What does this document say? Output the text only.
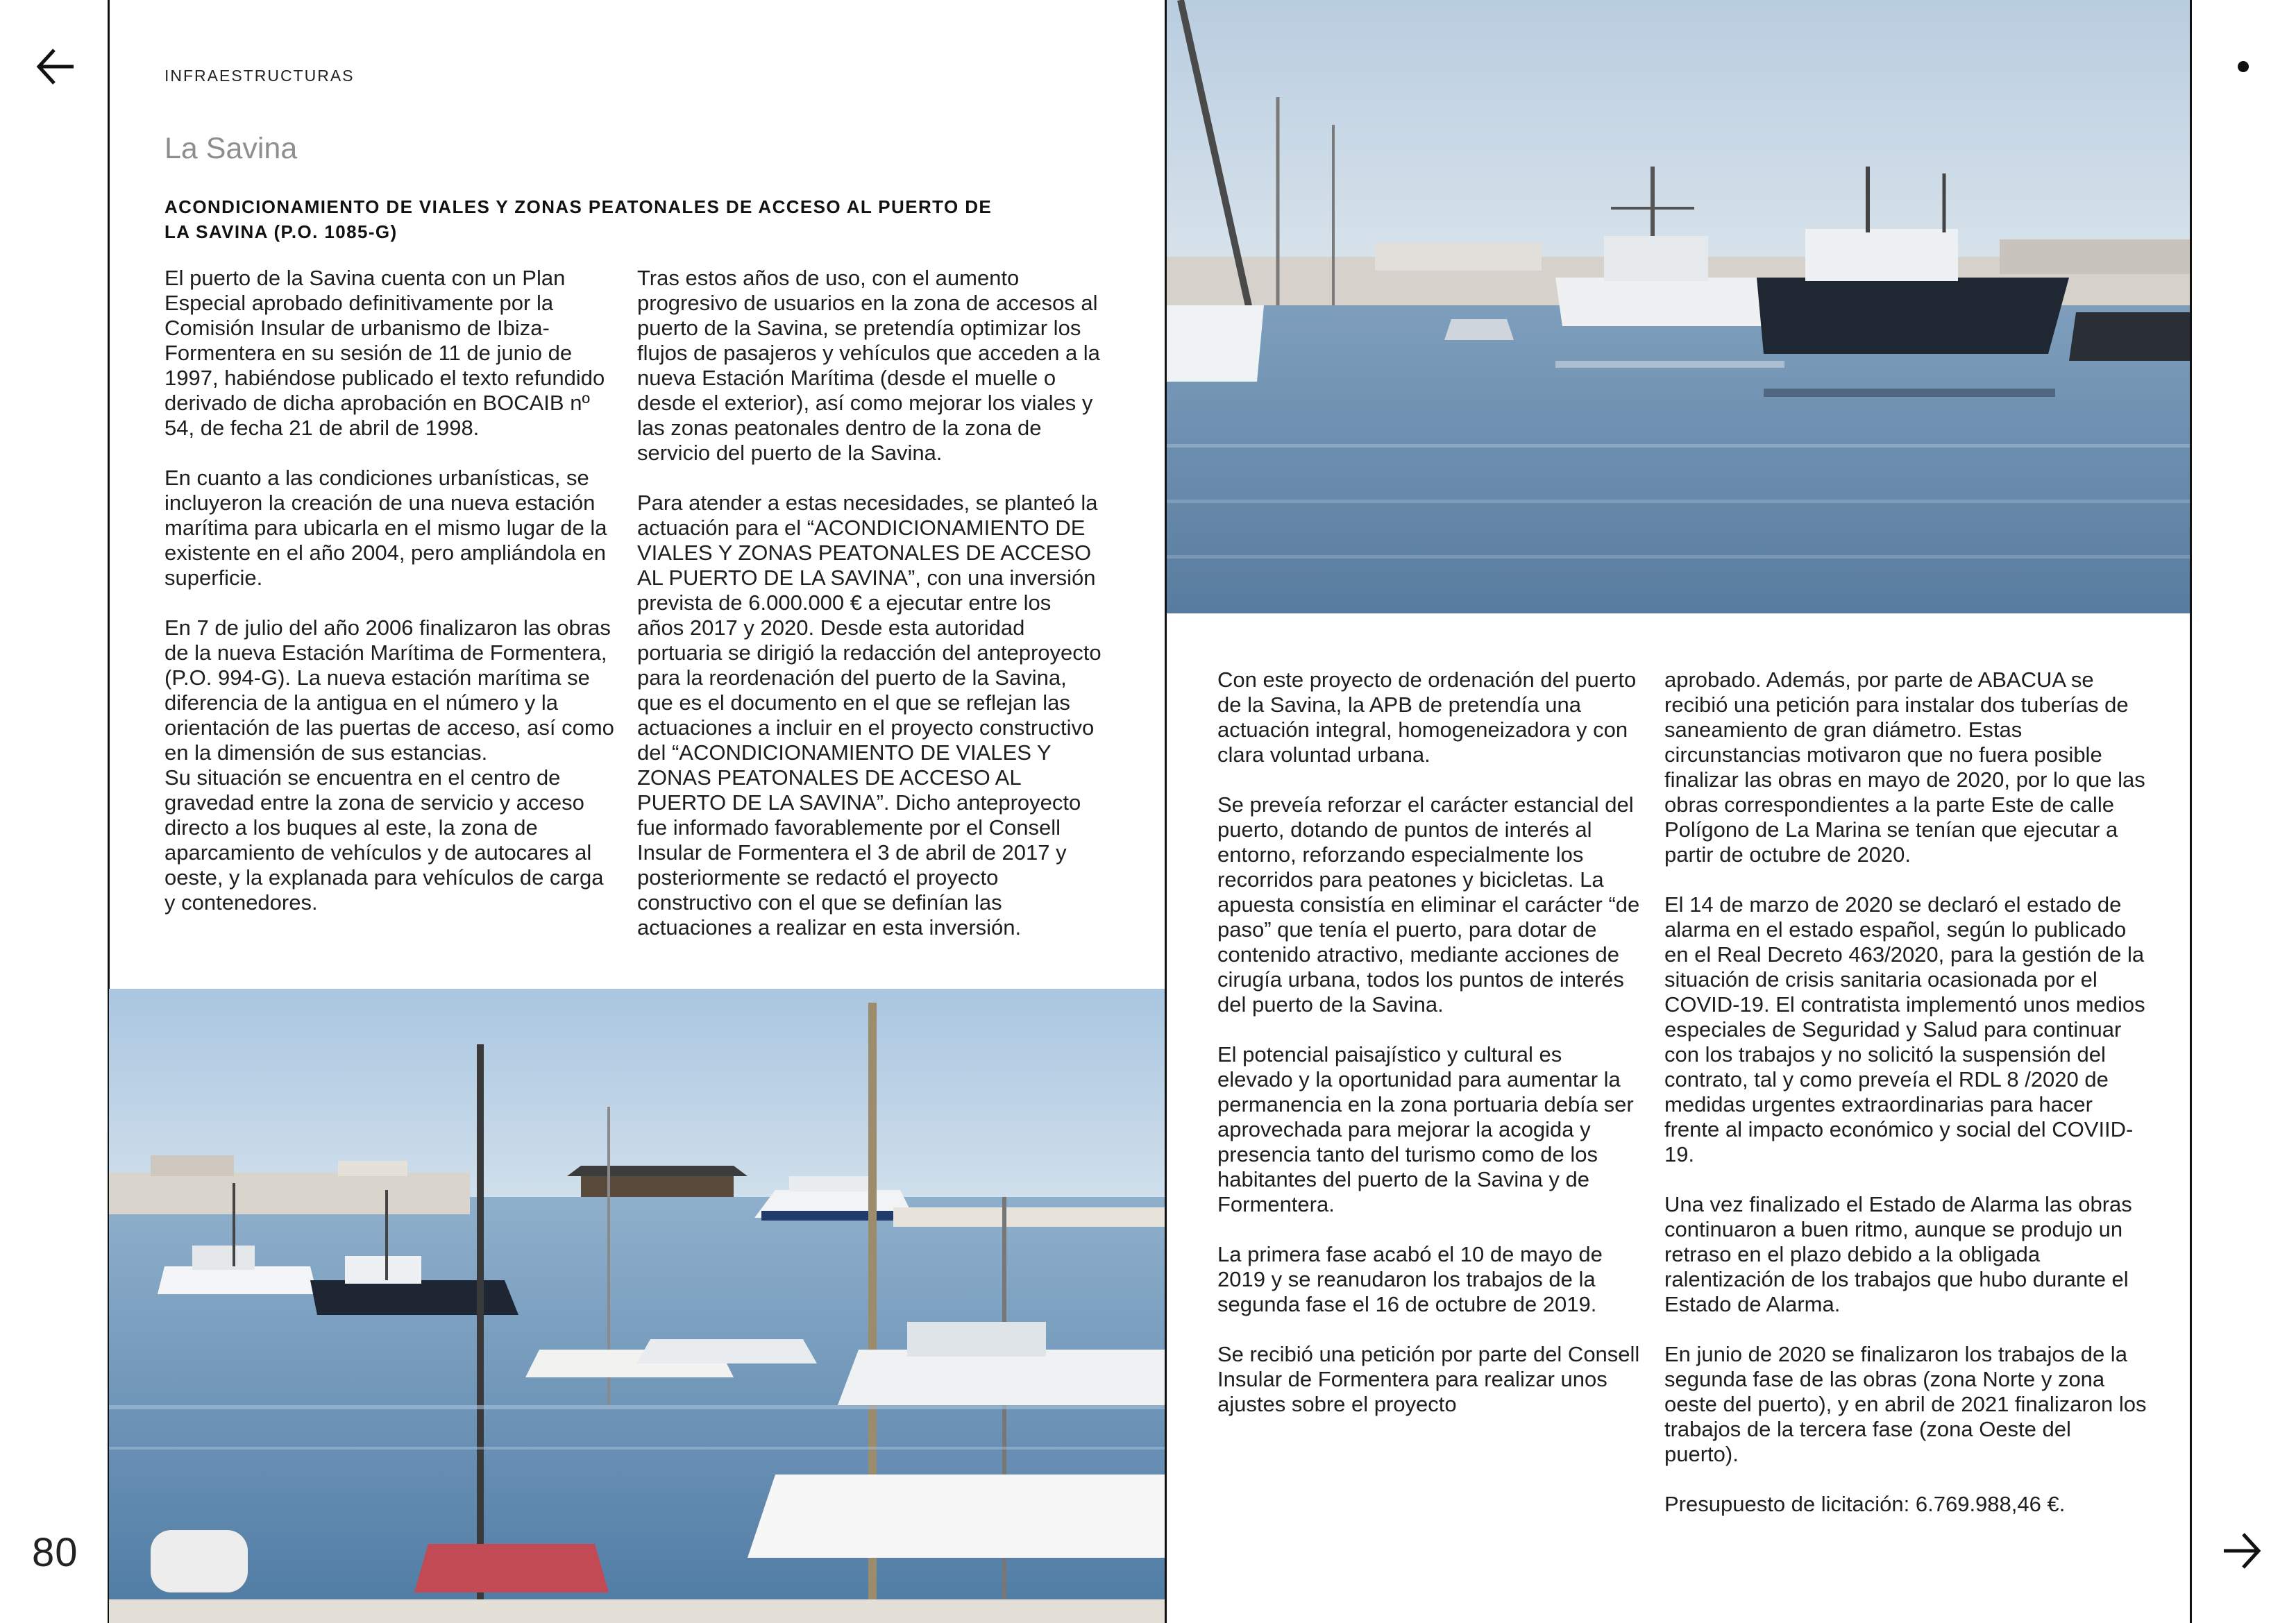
80
INFRAESTRUCTURAS
La Savina
ACONDICIONAMIENTO DE VIALES Y ZONAS PEATONALES DE ACCESO AL PUERTO DE
LA SAVINA (P.O. 1085-G)

El puerto de la Savina cuenta con un Plan Especial aprobado definitivamente por la Comisión Insular de urbanismo de Ibiza-Formentera en su sesión de 11 de junio de 1997, habiéndose publicado el texto refundido derivado de dicha aprobación en BOCAIB nº 54, de fecha 21 de abril de 1998.

En cuanto a las condiciones urbanísticas, se incluyeron la creación de una nueva estación marítima para ubicarla en el mismo lugar de la existente en el año 2004, pero ampliándola en superficie.

En 7 de julio del año 2006 finalizaron las obras de la nueva Estación Marítima de Formentera, (P.O. 994-G). La nueva estación marítima se diferencia de la antigua en el número y la orientación de las puertas de acceso, así como en la dimensión de sus estancias.

Su situación se encuentra en el centro de gravedad entre la zona de servicio y acceso directo a los buques al este, la zona de aparcamiento de vehículos y de autocares al oeste, y la explanada para vehículos de carga y contenedores.

Tras estos años de uso, con el aumento progresivo de usuarios en la zona de accesos al puerto de la Savina, se pretendía optimizar los flujos de pasajeros y vehículos que acceden a la nueva Estación Marítima (desde el muelle o desde el exterior), así como mejorar los viales y las zonas peatonales dentro de la zona de servicio del puerto de la Savina.

Para atender a estas necesidades, se planteó la actuación para el “ACONDICIONAMIENTO DE VIALES Y ZONAS PEATONALES DE ACCESO AL PUERTO DE LA SAVINA”, con una inversión prevista de 6.000.000 € a ejecutar entre los años 2017 y 2020. Desde esta autoridad portuaria se dirigió la redacción del anteproyecto para la reordenación del puerto de la Savina, que es el documento en el que se reflejan las actuaciones a incluir en el proyecto constructivo del “ACONDICIONAMIENTO DE VIALES Y ZONAS PEATONALES DE ACCESO AL PUERTO DE LA SAVINA”. Dicho anteproyecto fue informado favorablemente por el Consell Insular de Formentera el 3 de abril de 2017 y posteriormente se redactó el proyecto constructivo con el que se definían las actuaciones a realizar en esta inversión.

Con este proyecto de ordenación del puerto de la Savina, la APB de pretendía una actuación integral, homogeneizadora y con clara voluntad urbana.

Se preveía reforzar el carácter estancial del puerto, dotando de puntos de interés al entorno, reforzando especialmente los recorridos para peatones y bicicletas. La apuesta consistía en eliminar el carácter “de paso” que tenía el puerto, para dotar de contenido atractivo, mediante acciones de cirugía urbana, todos los puntos de interés del puerto de la Savina.

El potencial paisajístico y cultural es elevado y la oportunidad para aumentar la permanencia en la zona portuaria debía ser aprovechada para mejorar la acogida y presencia tanto del turismo como de los habitantes del puerto de la Savina y de Formentera.

La primera fase acabó el 10 de mayo de 2019 y se reanudaron los trabajos de la segunda fase el 16 de octubre de 2019.

Se recibió una petición por parte del Consell Insular de Formentera para realizar unos ajustes sobre el proyecto

aprobado. Además, por parte de ABACUA se recibió una petición para instalar dos tuberías de saneamiento de gran diámetro. Estas circunstancias motivaron que no fuera posible finalizar las obras en mayo de 2020, por lo que las obras correspondientes a la parte Este de calle Polígono de La Marina se tenían que ejecutar a partir de octubre de 2020.

El 14 de marzo de 2020 se declaró el estado de alarma en el estado español, según lo publicado en el Real Decreto 463/2020, para la gestión de la situación de crisis sanitaria ocasionada por el COVID-19. El contratista implementó unos medios especiales de Seguridad y Salud para continuar con los trabajos y no solicitó la suspensión del contrato, tal y como preveía el RDL 8 /2020 de medidas urgentes extraordinarias para hacer frente al impacto económico y social del COVIID-19.

Una vez finalizado el Estado de Alarma las obras continuaron a buen ritmo, aunque se produjo un retraso en el plazo debido a la obligada ralentización de los trabajos que hubo durante el Estado de Alarma.

En junio de 2020 se finalizaron los trabajos de la segunda fase de las obras (zona Norte y zona oeste del puerto), y en abril de 2021 finalizaron los trabajos de la tercera fase (zona Oeste del puerto).

Presupuesto de licitación: 6.769.988,46 €.
